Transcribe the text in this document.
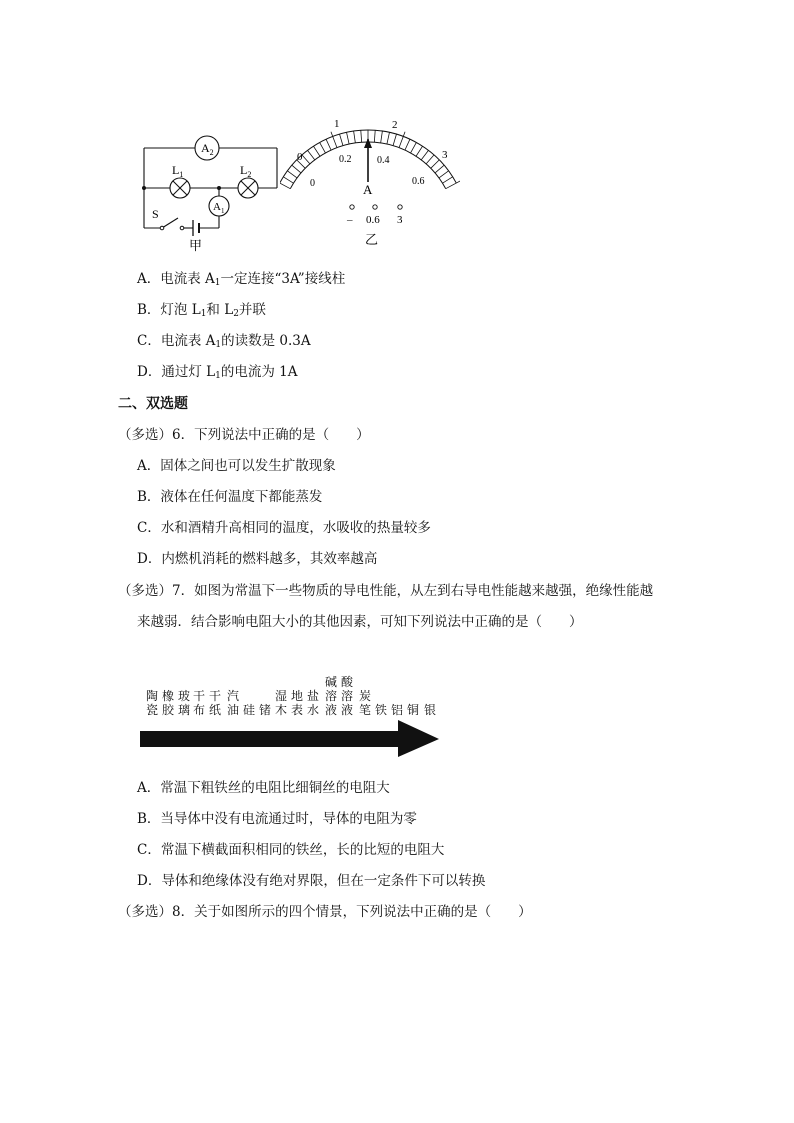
$A_2$
$L_1$	$L_2$
$A_1$
S
甲
0
1	2
3
0
0.2	0.4
0.6
A
– 0.6 3
乙
A．电流表 $A_1$一定连接“3A”接线柱
B．灯泡 $L_1$和 $L_2$并联
C．电流表 $A_1$的读数是 0.3A
D．通过灯 $L_1$的电流为 1A
二、双选题
（多选）6．下列说法中正确的是（　　）
A．固体之间也可以发生扩散现象
B．液体在任何温度下都能蒸发
C．水和酒精升高相同的温度，水吸收的热量较多
D．内燃机消耗的燃料越多，其效率越高
（多选）7．如图为常温下一些物质的导电性能，从左到右导电性能越来越强，绝缘性能越
来越弱．结合影响电阻大小的其他因素，可知下列说法中正确的是（　　）
陶
瓷
橡
胶
玻
璃
干
布
干
纸
汽
油 硅 锗
湿
木
地
表
盐
水
碱
溶
液
酸
溶
液
炭
笔 铁 铝 铜 银
A．常温下粗铁丝的电阻比细铜丝的电阻大
B．当导体中没有电流通过时，导体的电阻为零
C．常温下横截面积相同的铁丝，长的比短的电阻大
D．导体和绝缘体没有绝对界限，但在一定条件下可以转换
（多选）8．关于如图所示的四个情景，下列说法中正确的是（　　）
